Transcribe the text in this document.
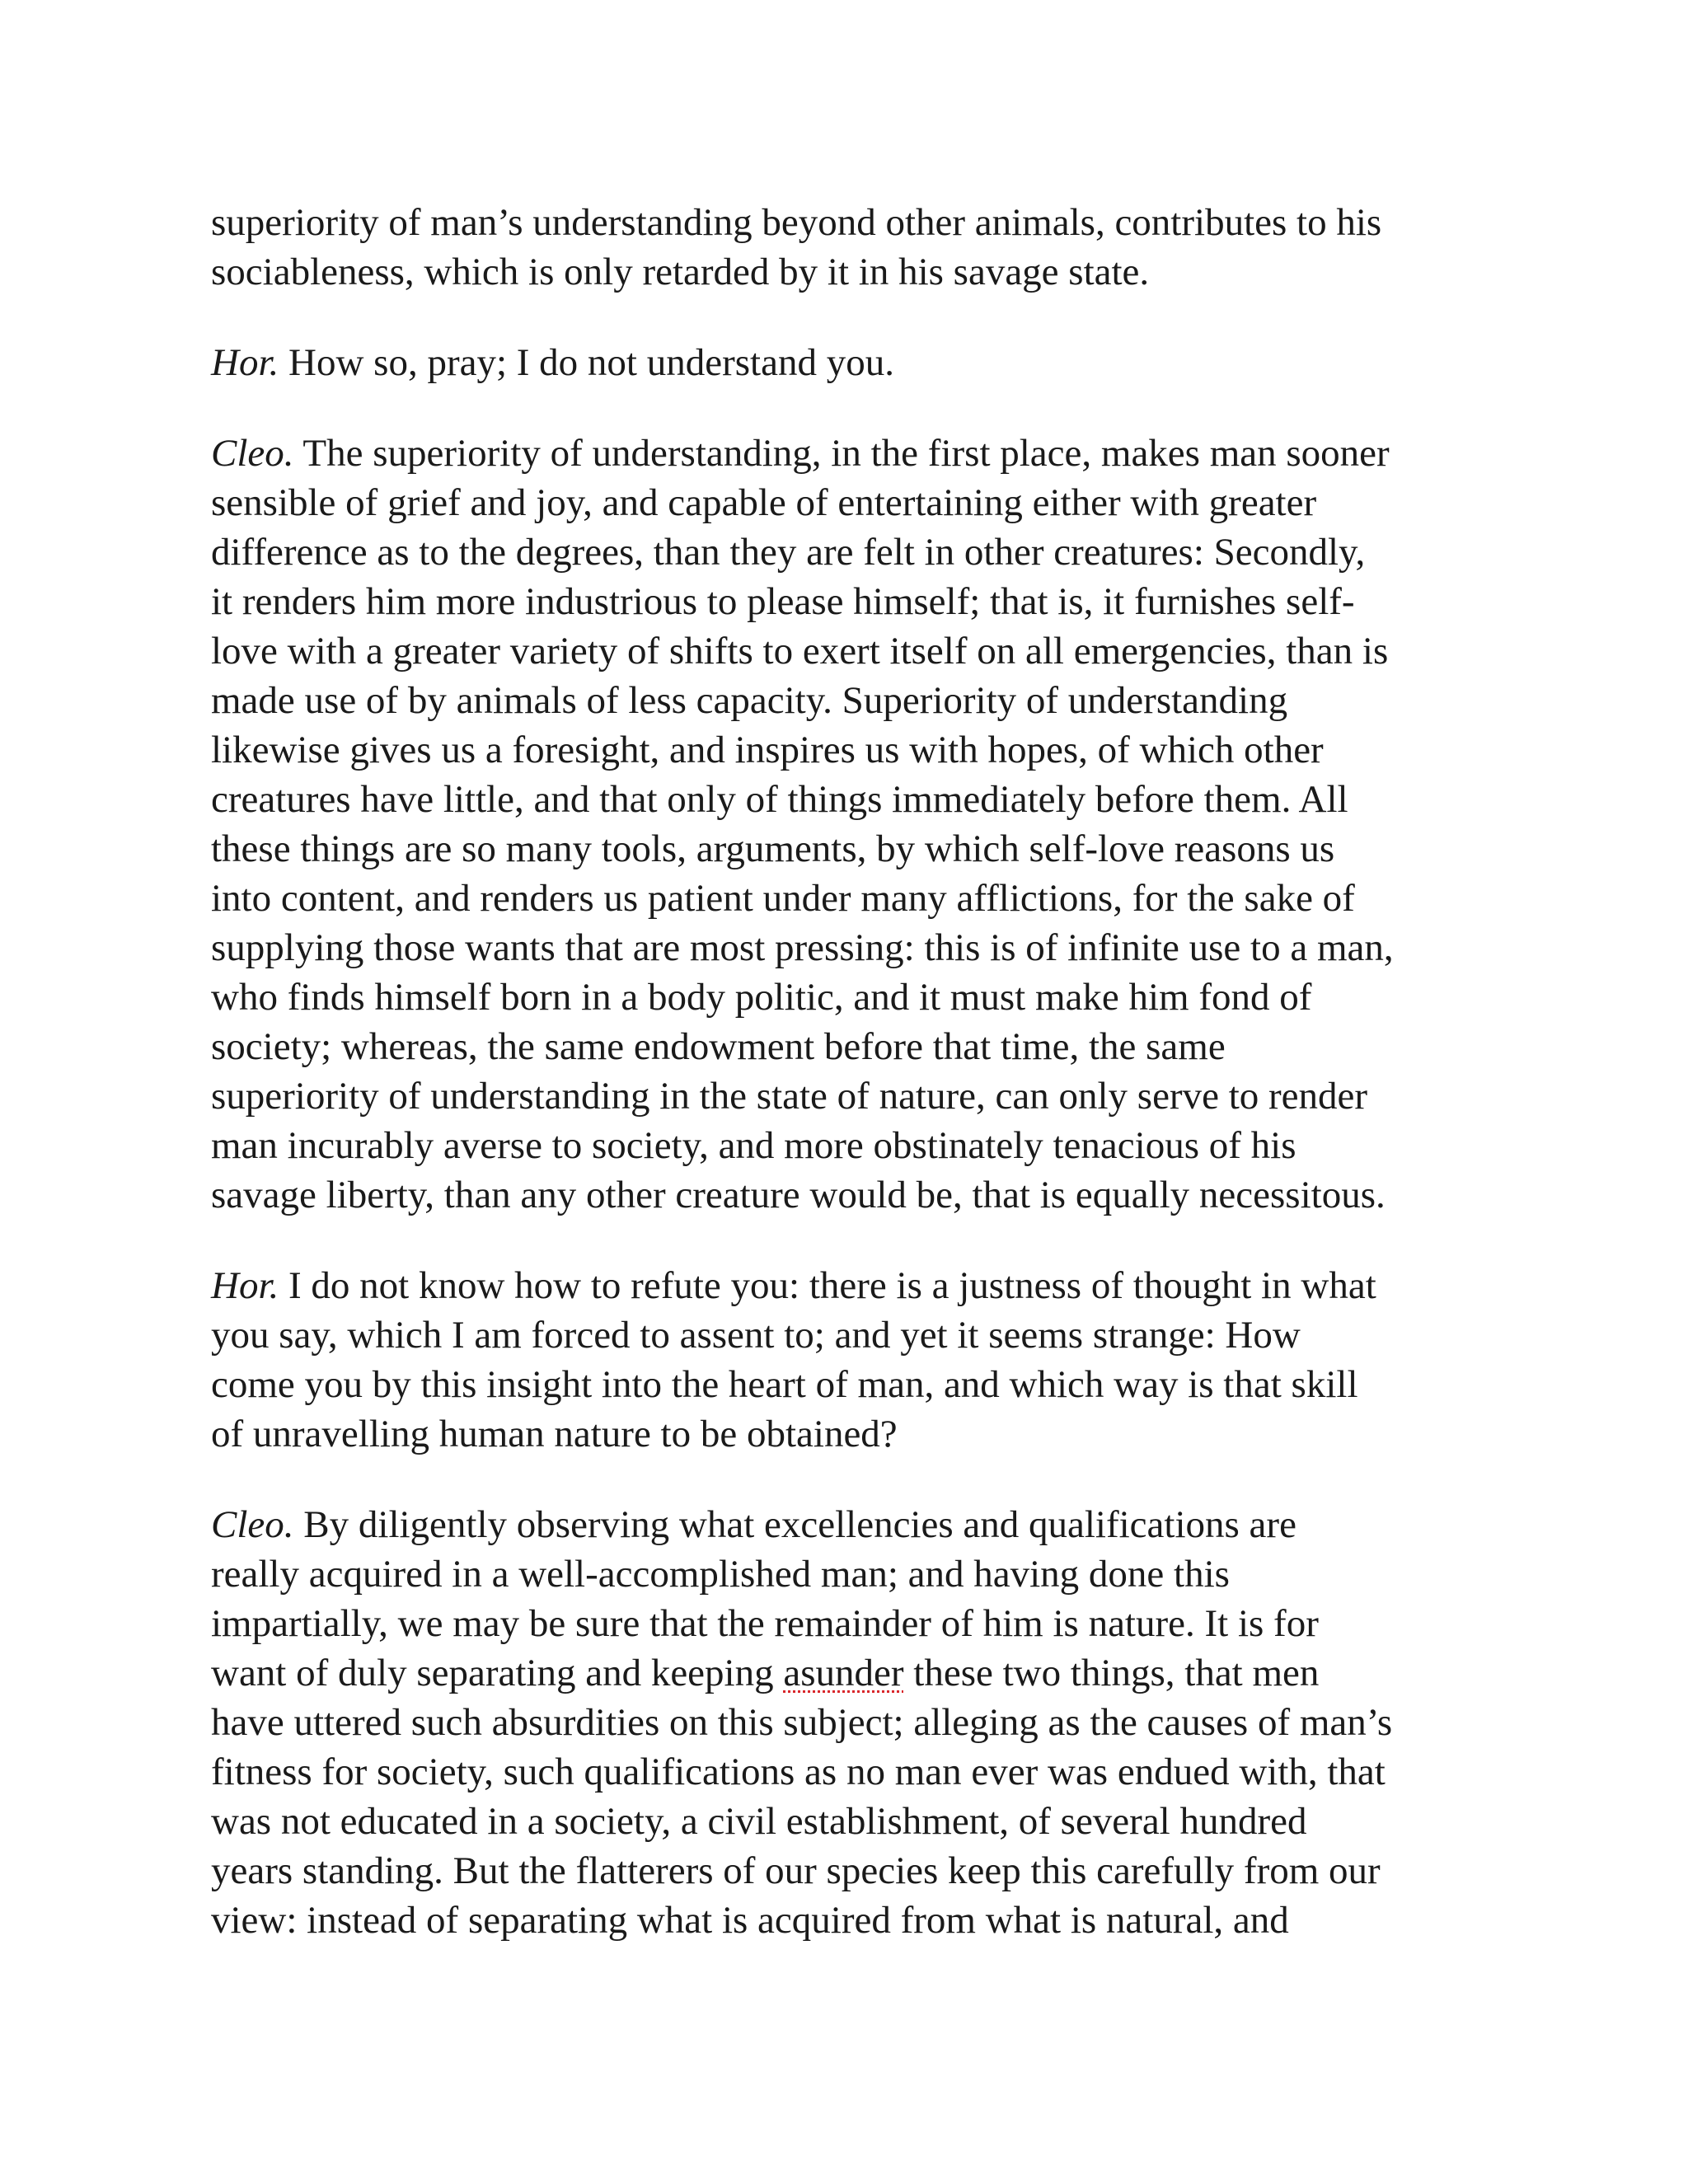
superiority of man’s understanding beyond other animals, contributes to his
sociableness, which is only retarded by it in his savage state.

Hor. How so, pray; I do not understand you.

Cleo. The superiority of understanding, in the first place, makes man sooner
sensible of grief and joy, and capable of entertaining either with greater
difference as to the degrees, than they are felt in other creatures: Secondly,
it renders him more industrious to please himself; that is, it furnishes self-
love with a greater variety of shifts to exert itself on all emergencies, than is
made use of by animals of less capacity. Superiority of understanding
likewise gives us a foresight, and inspires us with hopes, of which other
creatures have little, and that only of things immediately before them. All
these things are so many tools, arguments, by which self-love reasons us
into content, and renders us patient under many afflictions, for the sake of
supplying those wants that are most pressing: this is of infinite use to a man,
who finds himself born in a body politic, and it must make him fond of
society; whereas, the same endowment before that time, the same
superiority of understanding in the state of nature, can only serve to render
man incurably averse to society, and more obstinately tenacious of his
savage liberty, than any other creature would be, that is equally necessitous.

Hor. I do not know how to refute you: there is a justness of thought in what
you say, which I am forced to assent to; and yet it seems strange: How
come you by this insight into the heart of man, and which way is that skill
of unravelling human nature to be obtained?

Cleo. By diligently observing what excellencies and qualifications are
really acquired in a well-accomplished man; and having done this
impartially, we may be sure that the remainder of him is nature. It is for
want of duly separating and keeping asunder these two things, that men
have uttered such absurdities on this subject; alleging as the causes of man’s
fitness for society, such qualifications as no man ever was endued with, that
was not educated in a society, a civil establishment, of several hundred
years standing. But the flatterers of our species keep this carefully from our
view: instead of separating what is acquired from what is natural, and
